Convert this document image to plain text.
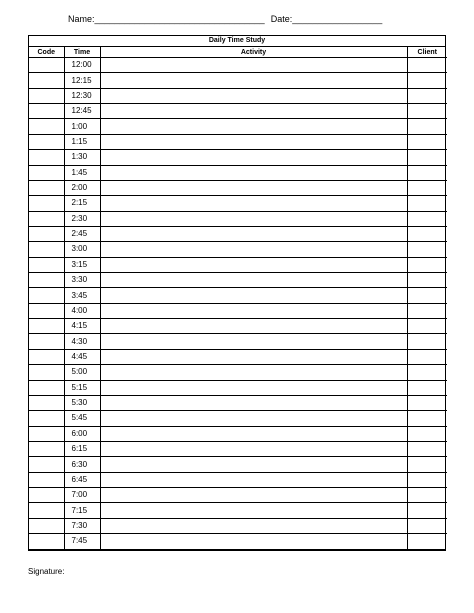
Name:__________________________________ Date:__________________
Daily Time Study
Code	Time	Activity	Client
	12:00		
	12:15		
	12:30		
	12:45		
	1:00		
	1:15		
	1:30		
	1:45		
	2:00		
	2:15		
	2:30		
	2:45		
	3:00		
	3:15		
	3:30		
	3:45		
	4:00		
	4:15		
	4:30		
	4:45		
	5:00		
	5:15		
	5:30		
	5:45		
	6:00		
	6:15		
	6:30		
	6:45		
	7:00		
	7:15		
	7:30		
	7:45		
Signature:
